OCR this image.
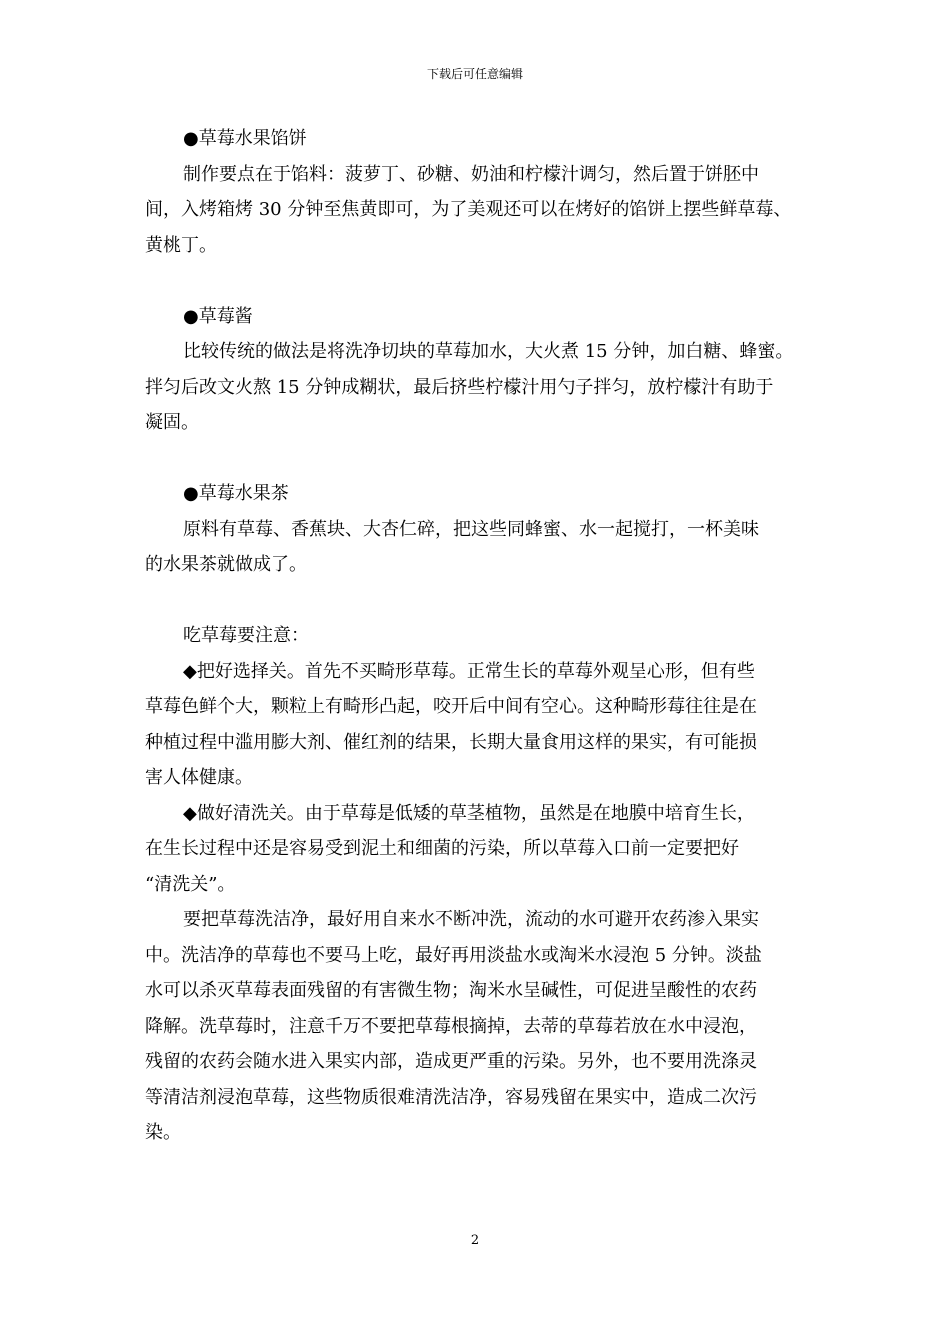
下载后可任意编辑
●草莓水果馅饼
制作要点在于馅料：菠萝丁、砂糖、奶油和柠檬汁调匀，然后置于饼胚中
间，入烤箱烤 30 分钟至焦黄即可，为了美观还可以在烤好的馅饼上摆些鲜草莓、
黄桃丁。
●草莓酱
比较传统的做法是将洗净切块的草莓加水，大火煮 15 分钟，加白糖、蜂蜜。
拌匀后改文火熬 15 分钟成糊状，最后挤些柠檬汁用勺子拌匀，放柠檬汁有助于
凝固。
●草莓水果茶
原料有草莓、香蕉块、大杏仁碎，把这些同蜂蜜、水一起搅打，一杯美味
的水果茶就做成了。
吃草莓要注意：
◆把好选择关。首先不买畸形草莓。正常生长的草莓外观呈心形，但有些
草莓色鲜个大，颗粒上有畸形凸起，咬开后中间有空心。这种畸形莓往往是在
种植过程中滥用膨大剂、催红剂的结果，长期大量食用这样的果实，有可能损
害人体健康。
◆做好清洗关。由于草莓是低矮的草茎植物，虽然是在地膜中培育生长，
在生长过程中还是容易受到泥土和细菌的污染，所以草莓入口前一定要把好
“清洗关”。
要把草莓洗洁净，最好用自来水不断冲洗，流动的水可避开农药渗入果实
中。洗洁净的草莓也不要马上吃，最好再用淡盐水或淘米水浸泡 5 分钟。淡盐
水可以杀灭草莓表面残留的有害微生物；淘米水呈碱性，可促进呈酸性的农药
降解。洗草莓时，注意千万不要把草莓根摘掉，去蒂的草莓若放在水中浸泡，
残留的农药会随水进入果实内部，造成更严重的污染。另外，也不要用洗涤灵
等清洁剂浸泡草莓，这些物质很难清洗洁净，容易残留在果实中，造成二次污
染。
2
